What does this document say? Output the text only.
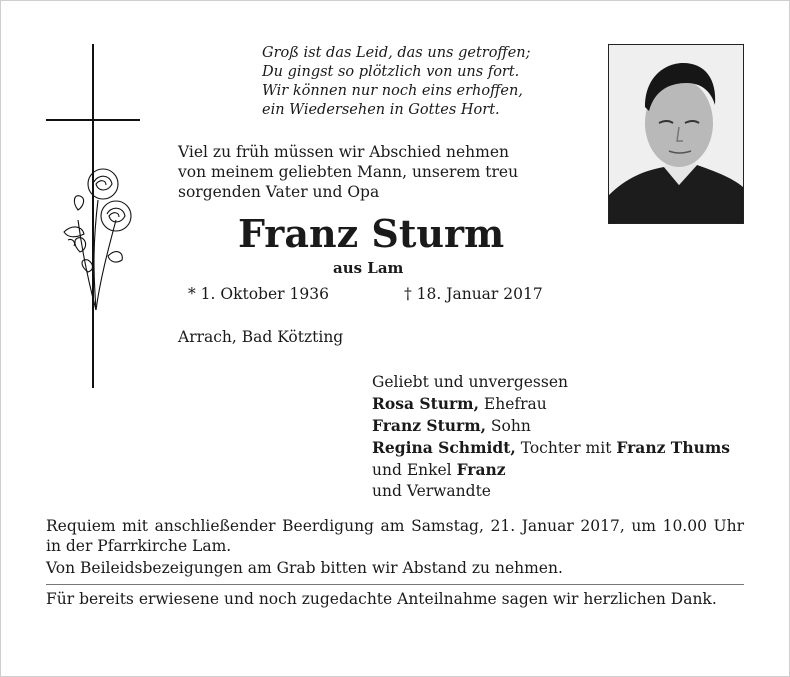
Groß ist das Leid, das uns getroffen;
Du gingst so plötzlich von uns fort.
Wir können nur noch eins erhoffen,
ein Wiedersehen in Gottes Hort.
Viel zu früh müssen wir Abschied nehmen
von meinem geliebten Mann, unserem treu
sorgenden Vater und Opa
Franz Sturm
aus Lam
* 1. Oktober 1936	† 18. Januar 2017
Arrach, Bad Kötzting
Geliebt und unvergessen
Rosa Sturm, Ehefrau
Franz Sturm, Sohn
Regina Schmidt, Tochter mit Franz Thums
und Enkel Franz
und Verwandte

Requiem mit anschließender Beerdigung am Samstag, 21. Januar 2017, um 10.00 Uhr in der Pfarrkirche Lam.

Von Beileidsbezeigungen am Grab bitten wir Abstand zu nehmen.

Für bereits erwiesene und noch zugedachte Anteilnahme sagen wir herzlichen Dank.
